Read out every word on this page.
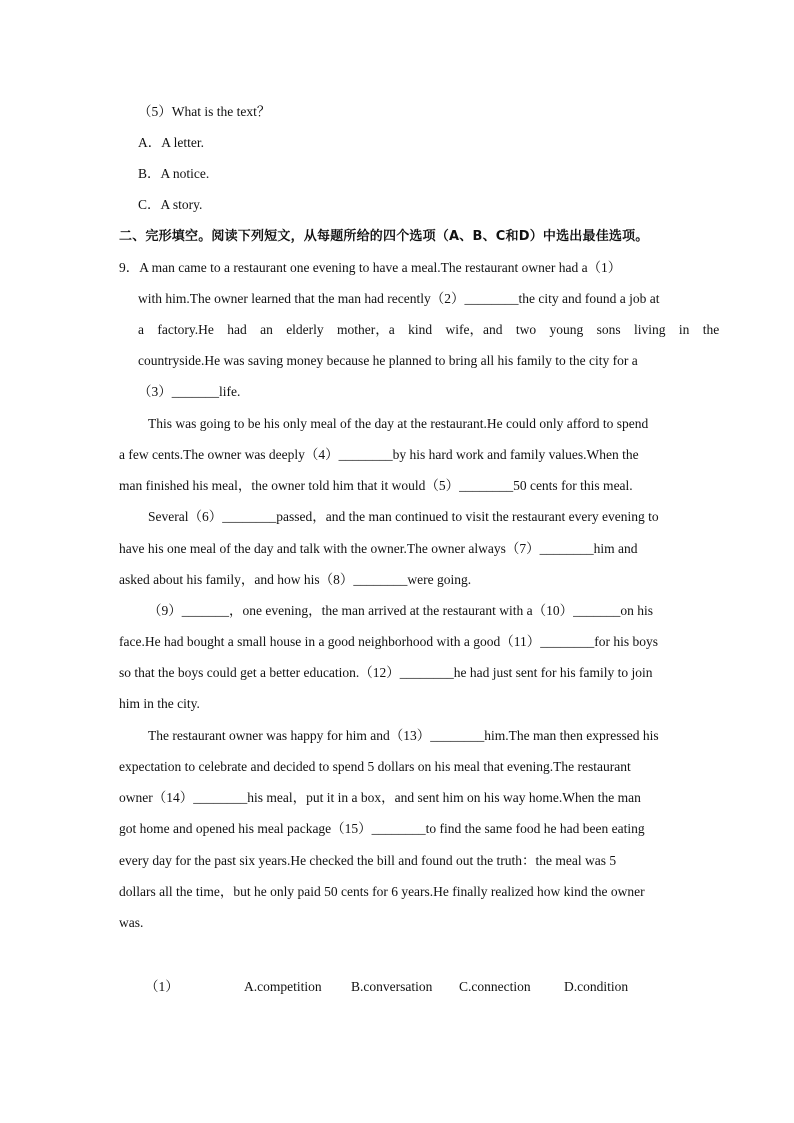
（5）What is the text？
A．A letter.
B．A notice.
C．A story.
二、完形填空。阅读下列短文，从每题所给的四个选项（A、B、C和D）中选出最佳选项。
9．A man came to a restaurant one evening to have a meal.The restaurant owner had a（1）
with him.The owner learned that the man had recently（2）________the city and found a job at
a factory.He had an elderly mother，a kind wife，and two young sons living in the
countryside.He was saving money because he planned to bring all his family to the city for a
（3）_______life.
This was going to be his only meal of the day at the restaurant.He could only afford to spend
a few cents.The owner was deeply（4）________by his hard work and family values.When the
man finished his meal，the owner told him that it would（5）________50 cents for this meal.
Several（6）________passed，and the man continued to visit the restaurant every evening to
have his one meal of the day and talk with the owner.The owner always（7）________him and
asked about his family，and how his（8）________were going.
（9）_______，one evening，the man arrived at the restaurant with a（10）_______on his
face.He had bought a small house in a good neighborhood with a good（11）________for his boys
so that the boys could get a better education.（12）________he had just sent for his family to join
him in the city.
The restaurant owner was happy for him and（13）________him.The man then expressed his
expectation to celebrate and decided to spend 5 dollars on his meal that evening.The restaurant
owner（14）________his meal，put it in a box，and sent him on his way home.When the man
got home and opened his meal package（15）________to find the same food he had been eating
every day for the past six years.He checked the bill and found out the truth：the meal was 5
dollars all the time，but he only paid 50 cents for 6 years.He finally realized how kind the owner
was.
（1）	A.competition B.conversation C.connection D.condition
